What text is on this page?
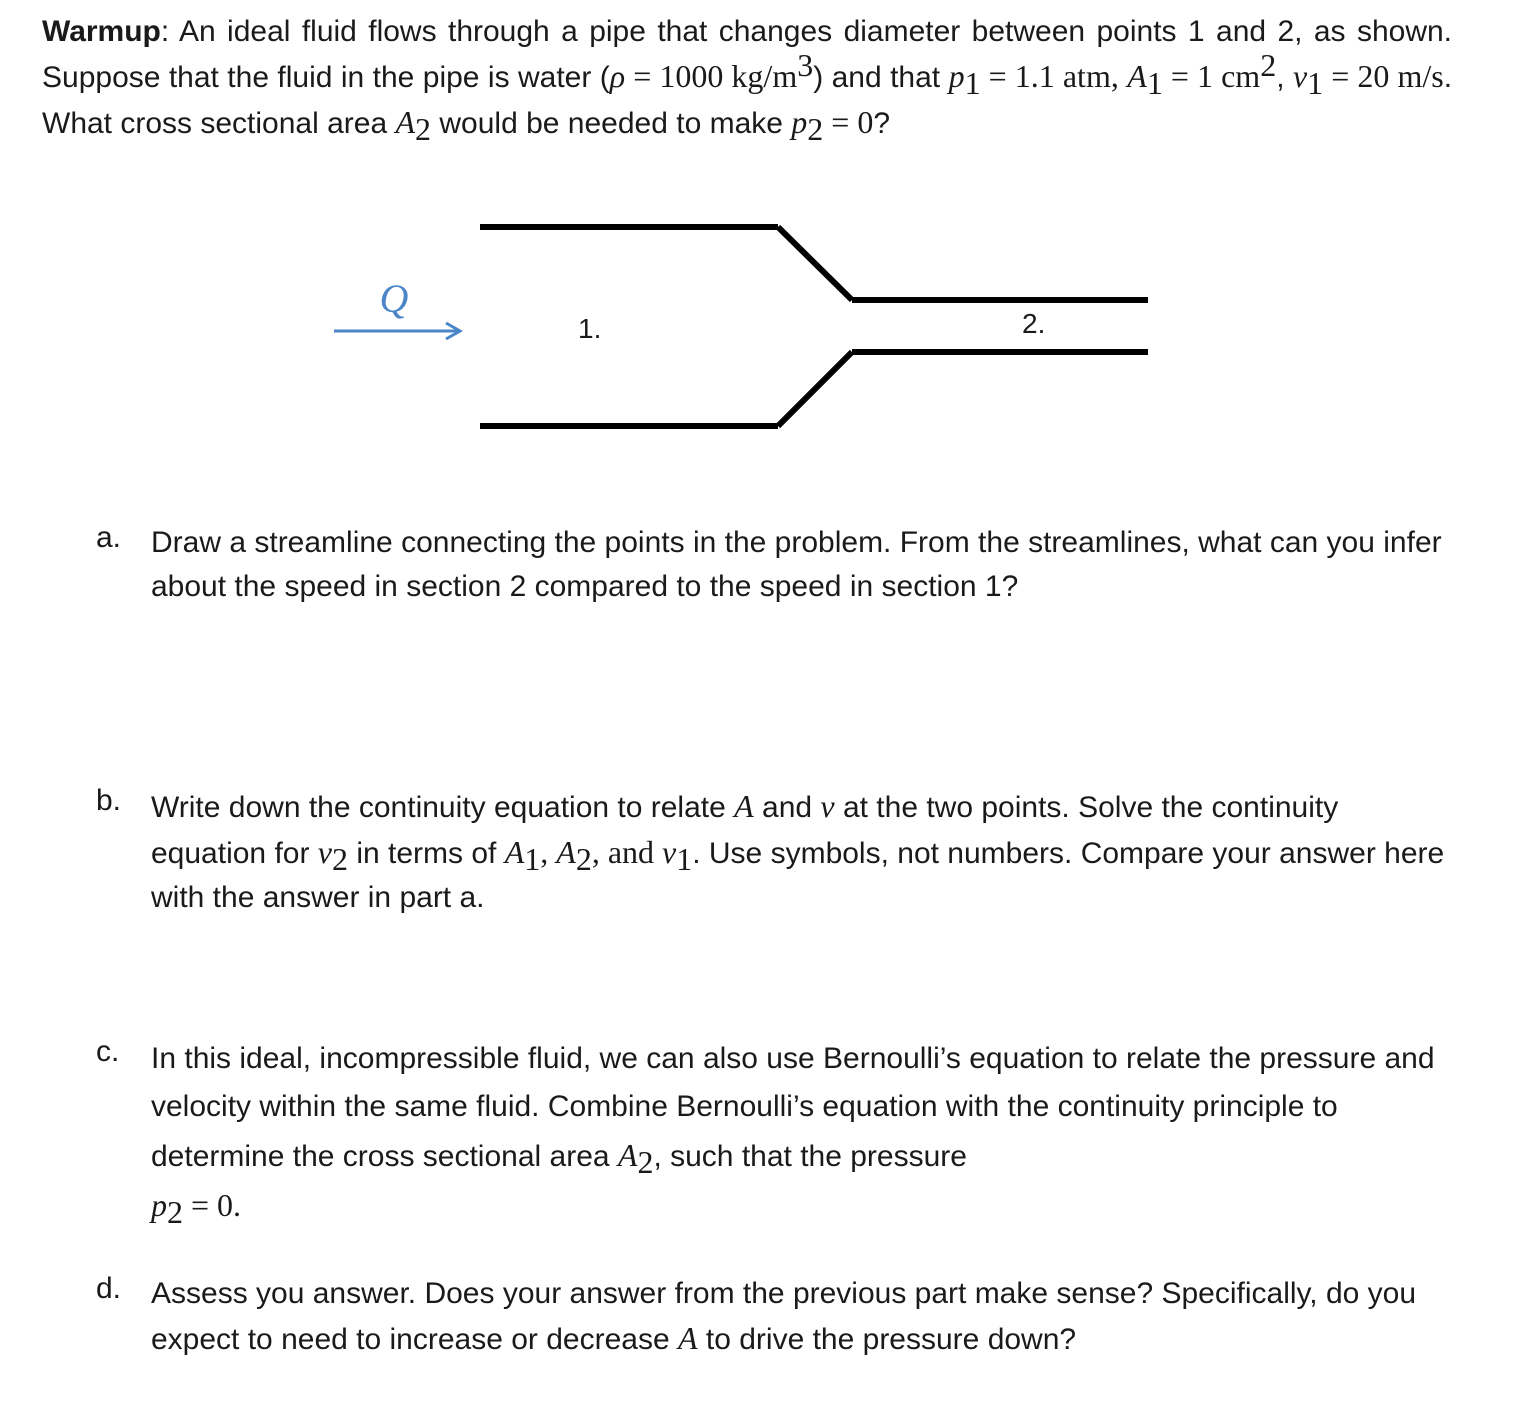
Warmup: An ideal fluid flows through a pipe that changes diameter between points 1 and 2, as shown. Suppose that the fluid in the pipe is water (ρ = 1000 $kg/m^3$) and that $p_1 = 1.1$ atm, $A_1 = 1$ $cm^2$, $v_1 = 20$ m/s. What cross sectional area $A_2$ would be needed to make $p_2 = 0$?
Q
1.	2.
a. Draw a streamline connecting the points in the problem. From the streamlines, what can you infer about the speed in section 2 compared to the speed in section 1?
b. Write down the continuity equation to relate A and v at the two points. Solve the continuity equation for $v_2$ in terms of $A_1$, $A_2$, and $v_1$. Use symbols, not numbers. Compare your answer here with the answer in part a.
c.	In this ideal, incompressible fluid, we can also use Bernoulli’s equation to relate the pressure and velocity within the same fluid. Combine Bernoulli’s equation with the continuity principle to determine the cross sectional area $A_2$, such that the pressure
$p_2 = 0$.
d. Assess you answer. Does your answer from the previous part make sense? Specifically, do you expect to need to increase or decrease A to drive the pressure down?
